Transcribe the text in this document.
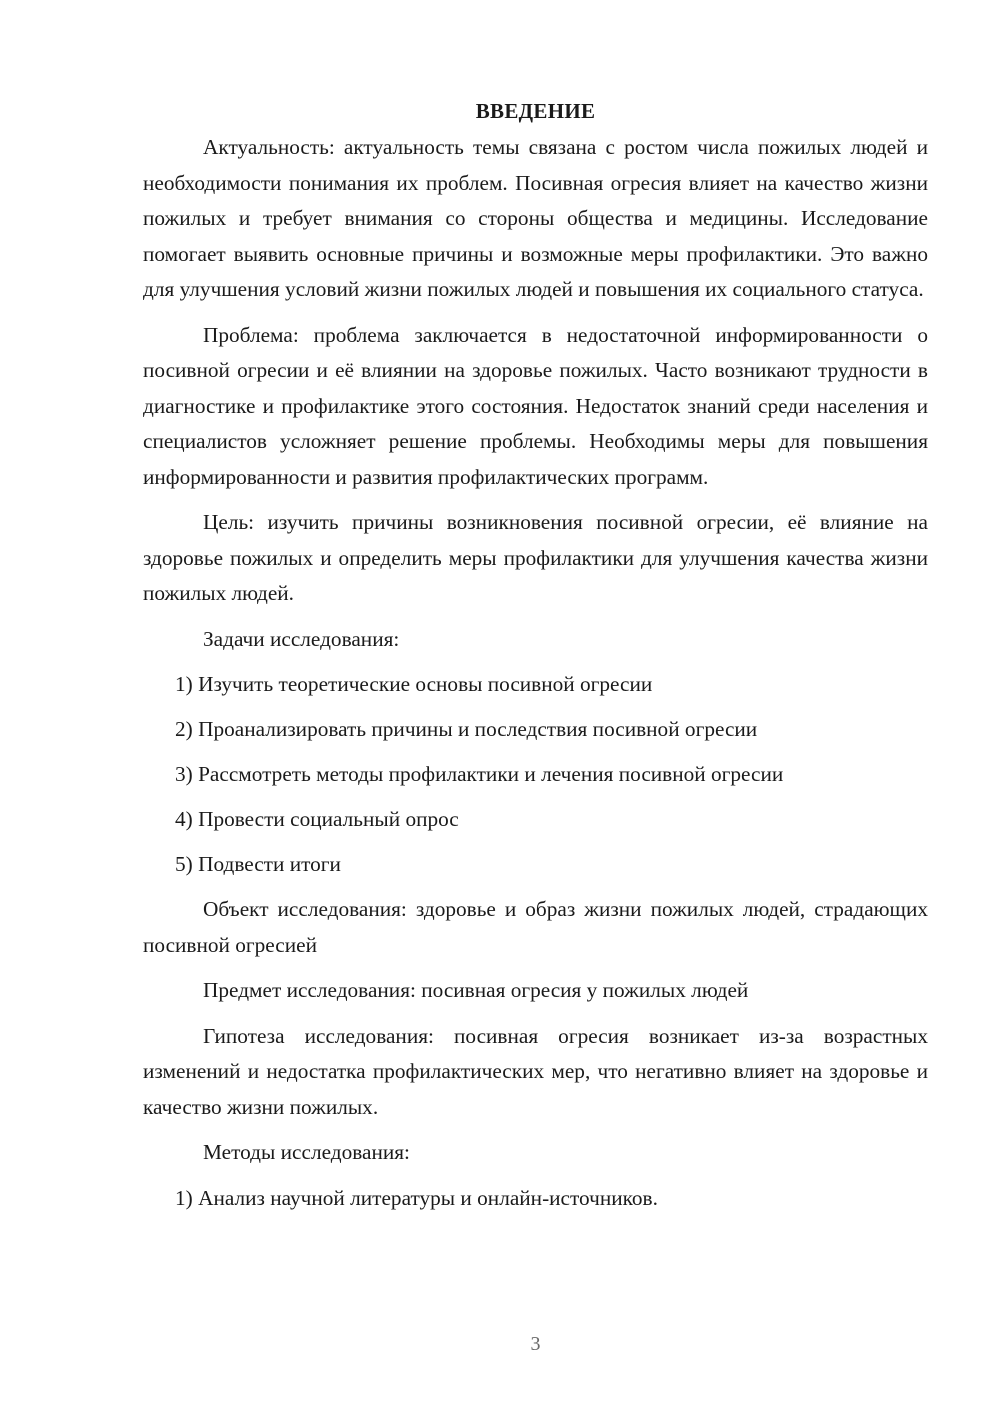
ВВЕДЕНИЕ

Актуальность: актуальность темы связана с ростом числа пожилых людей и необходимости понимания их проблем. Посивная огресия влияет на качество жизни пожилых и требует внимания со стороны общества и медицины. Исследование помогает выявить основные причины и возможные меры профилактики. Это важно для улучшения условий жизни пожилых людей и повышения их социального статуса.

Проблема: проблема заключается в недостаточной информированности о посивной огресии и её влиянии на здоровье пожилых. Часто возникают трудности в диагностике и профилактике этого состояния. Недостаток знаний среди населения и специалистов усложняет решение проблемы. Необходимы меры для повышения информированности и развития профилактических программ.

Цель: изучить причины возникновения посивной огресии, её влияние на здоровье пожилых и определить меры профилактики для улучшения качества жизни пожилых людей.

Задачи исследования:

1) Изучить теоретические основы посивной огресии
2) Проанализировать причины и последствия посивной огресии
3) Рассмотреть методы профилактики и лечения посивной огресии
4) Провести социальный опрос
5) Подвести итоги

Объект исследования: здоровье и образ жизни пожилых людей, страдающих посивной огресией

Предмет исследования: посивная огресия у пожилых людей

Гипотеза исследования: посивная огресия возникает из-за возрастных изменений и недостатка профилактических мер, что негативно влияет на здоровье и качество жизни пожилых.

Методы исследования:

1) Анализ научной литературы и онлайн-источников.
3
